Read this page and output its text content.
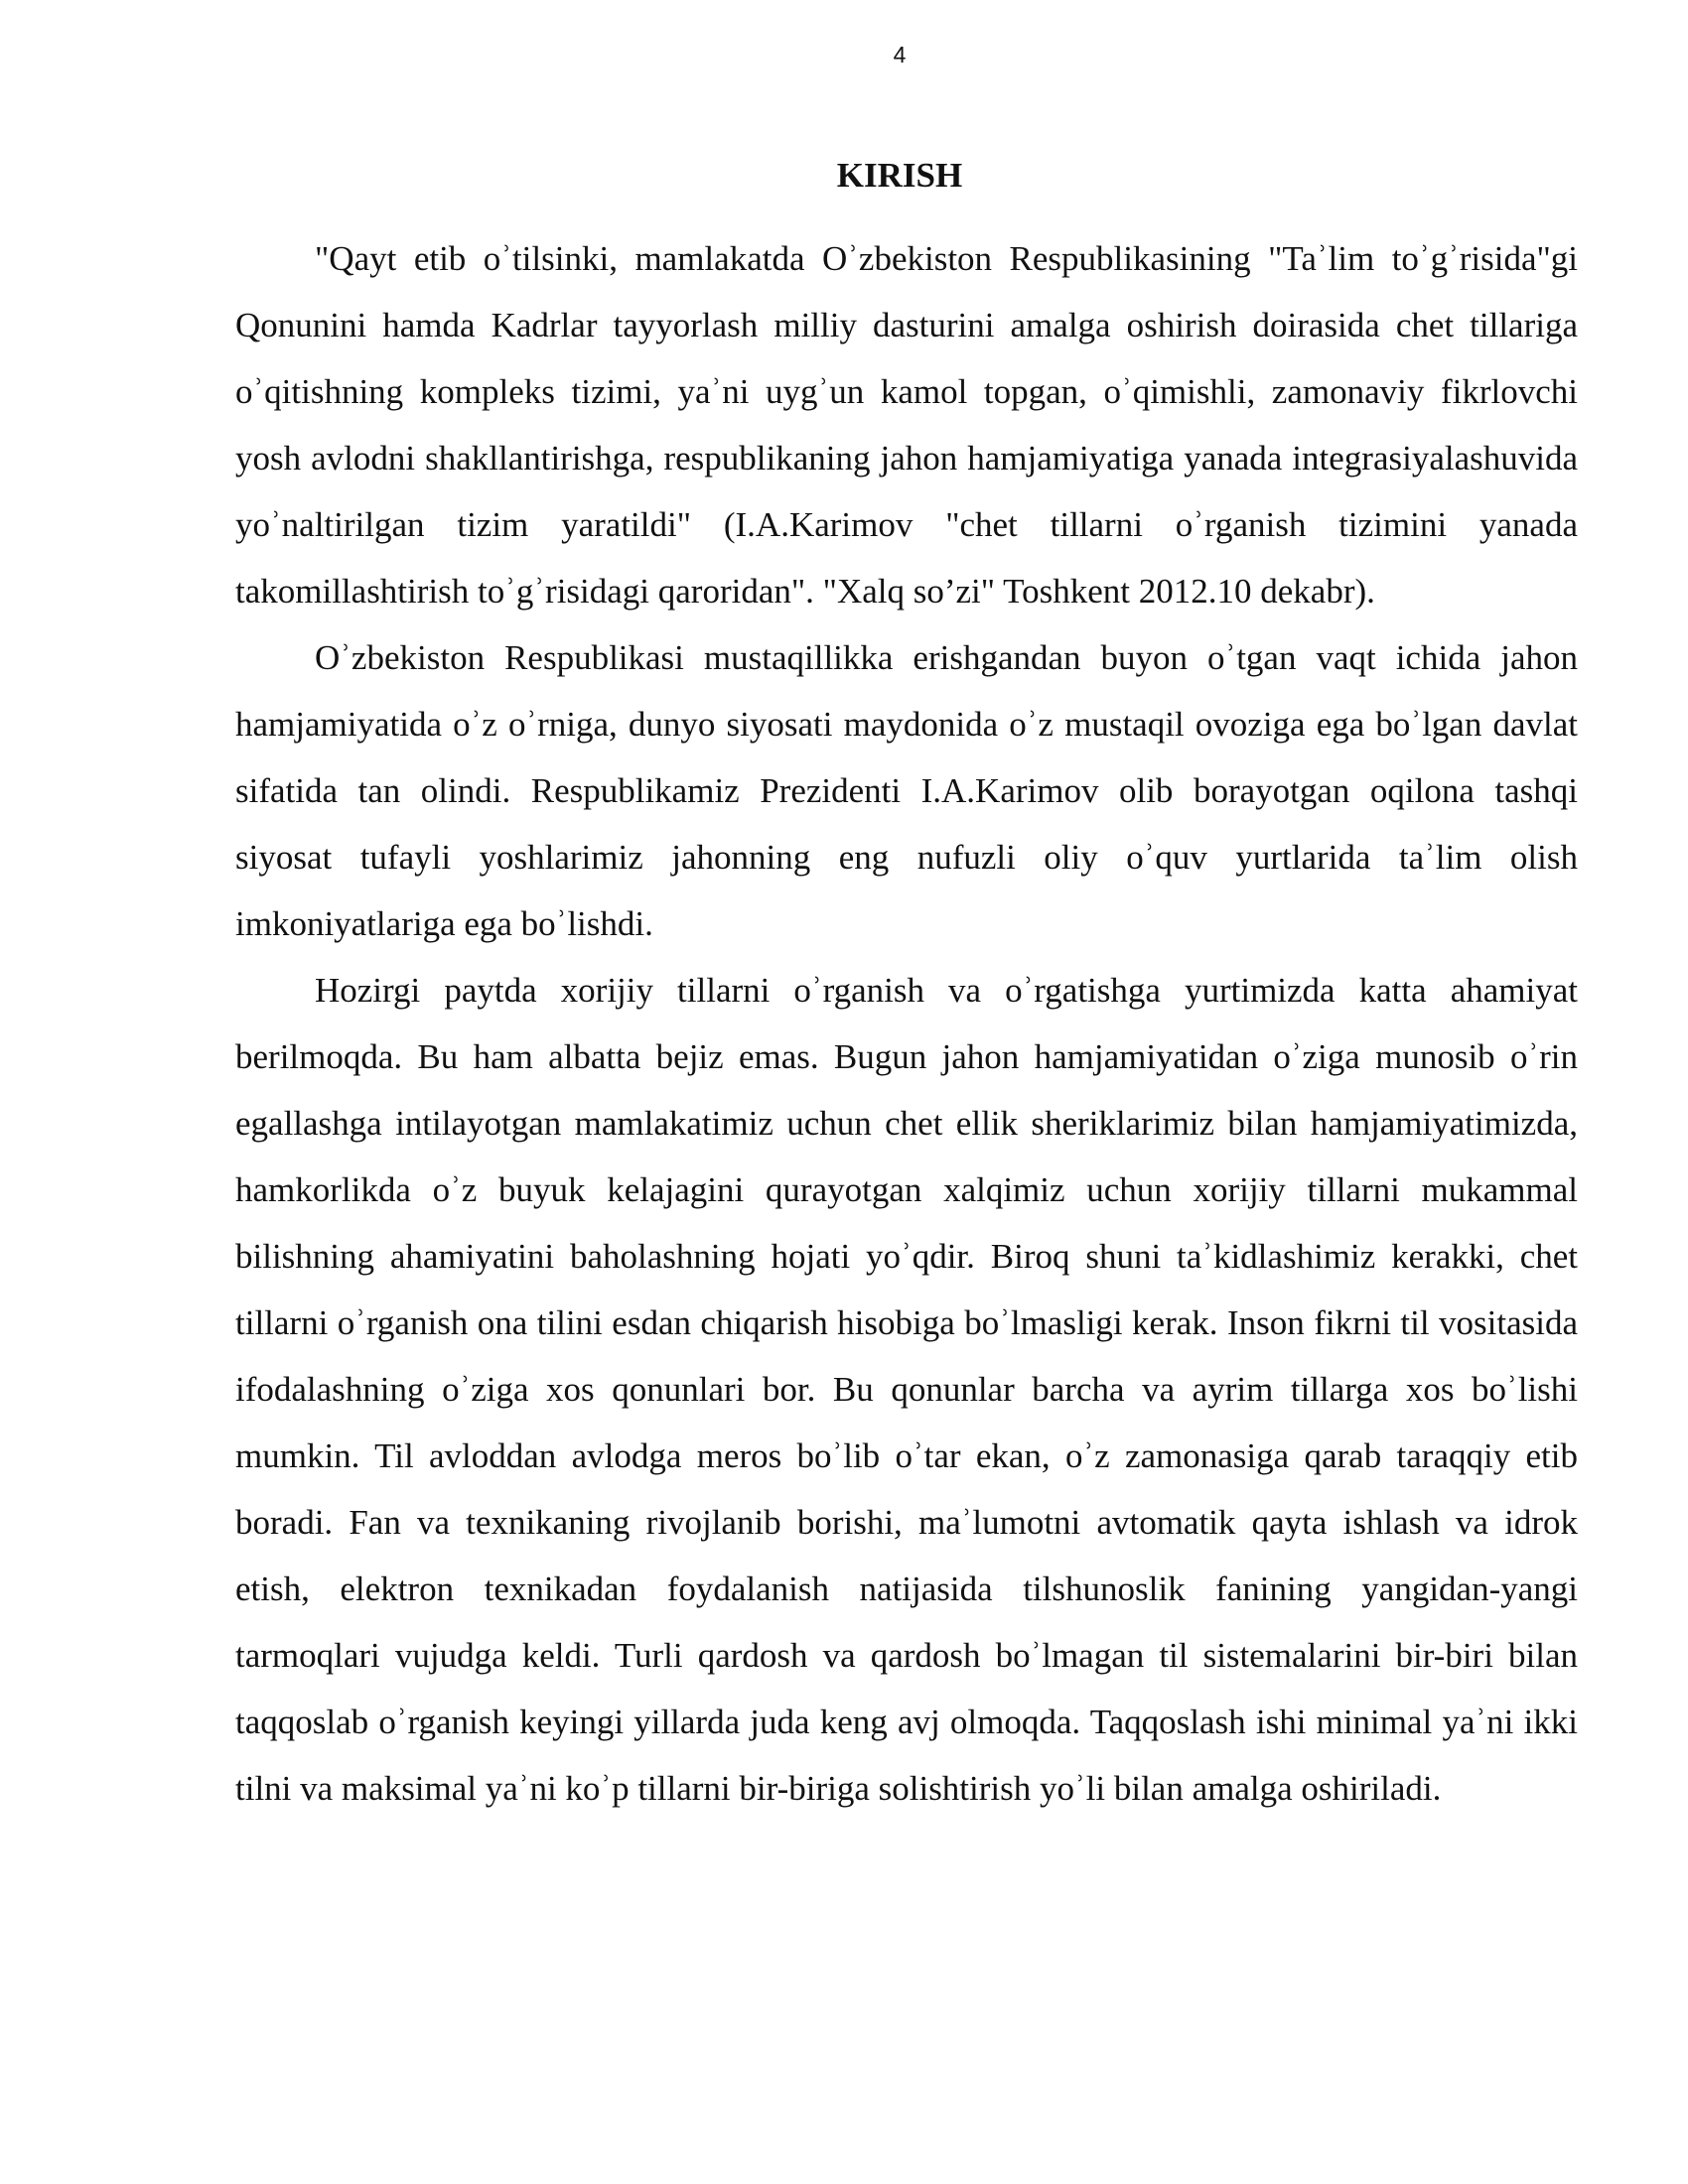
4
KIRISH

"Qayt etib oʾtilsinki, mamlakatda Oʾzbekiston Respublikasining "Taʾlim toʾgʾrisida"gi Qonunini hamda Kadrlar tayyorlash milliy dasturini amalga oshirish doirasida chet tillariga oʾqitishning kompleks tizimi, yaʾni uygʾun kamol topgan, oʾqimishli, zamonaviy fikrlovchi yosh avlodni shakllantirishga, respublikaning jahon hamjamiyatiga yanada integrasiyalashuvida yoʾnaltirilgan tizim yaratildi" (I.A.Karimov "chet tillarni oʾrganish tizimini yanada takomillashtirish toʾgʾrisidagi qaroridan". "Xalq so’zi" Toshkent 2012.10 dekabr).

Oʾzbekiston Respublikasi mustaqillikka erishgandan buyon oʾtgan vaqt ichida jahon hamjamiyatida oʾz oʾrniga, dunyo siyosati maydonida oʾz mustaqil ovoziga ega boʾlgan davlat sifatida tan olindi. Respublikamiz Prezidenti I.A.Karimov olib borayotgan oqilona tashqi siyosat tufayli yoshlarimiz jahonning eng nufuzli oliy oʾquv yurtlarida taʾlim olish imkoniyatlariga ega boʾlishdi.

Hozirgi paytda xorijiy tillarni oʾrganish va oʾrgatishga yurtimizda katta ahamiyat berilmoqda. Bu ham albatta bejiz emas. Bugun jahon hamjamiyatidan oʾziga munosib oʾrin egallashga intilayotgan mamlakatimiz uchun chet ellik sheriklarimiz bilan hamjamiyatimizda, hamkorlikda oʾz buyuk kelajagini qurayotgan xalqimiz uchun xorijiy tillarni mukammal bilishning ahamiyatini baholashning hojati yoʾqdir. Biroq shuni taʾkidlashimiz kerakki, chet tillarni oʾrganish ona tilini esdan chiqarish hisobiga boʾlmasligi kerak. Inson fikrni til vositasida ifodalashning oʾziga xos qonunlari bor. Bu qonunlar barcha va ayrim tillarga xos boʾlishi mumkin. Til avloddan avlodga meros boʾlib oʾtar ekan, oʾz zamonasiga qarab taraqqiy etib boradi. Fan va texnikaning rivojlanib borishi, maʾlumotni avtomatik qayta ishlash va idrok etish, elektron texnikadan foydalanish natijasida tilshunoslik fanining yangidan-yangi tarmoqlari vujudga keldi. Turli qardosh va qardosh boʾlmagan til sistemalarini bir-biri bilan taqqoslab oʾrganish keyingi yillarda juda keng avj olmoqda. Taqqoslash ishi minimal yaʾni ikki tilni va maksimal yaʾni koʾp tillarni bir-biriga solishtirish yoʾli bilan amalga oshiriladi.
